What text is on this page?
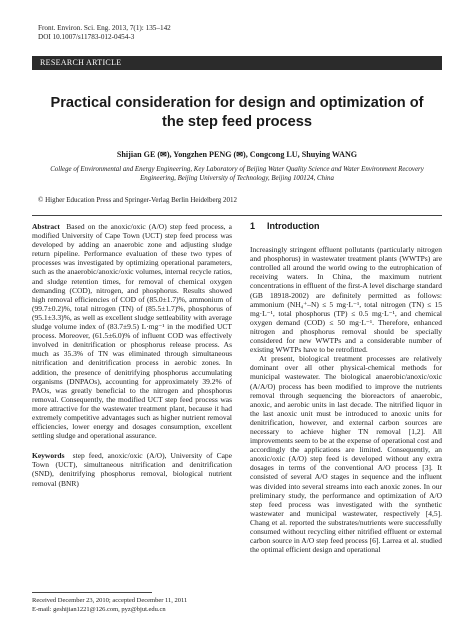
Front. Environ. Sci. Eng. 2013, 7(1): 135–142
DOI 10.1007/s11783-012-0454-3
RESEARCH ARTICLE
Practical consideration for design and optimization of the step feed process
Shijian GE (✉), Yongzhen PENG (✉), Congcong LU, Shuying WANG
College of Environmental and Energy Engineering, Key Laboratory of Beijing Water Quality Science and Water Environment Recovery Engineering, Beijing University of Technology, Beijing 100124, China
© Higher Education Press and Springer-Verlag Berlin Heidelberg 2012

Abstract Based on the anoxic/oxic (A/O) step feed process, a modified University of Cape Town (UCT) step feed process was developed by adding an anaerobic zone and adjusting sludge return pipeline. Performance evaluation of these two types of processes was investigated by optimizing operational parameters, such as the anaerobic/anoxic/oxic volumes, internal recycle ratios, and sludge retention times, for removal of chemical oxygen demanding (COD), nitrogen, and phosphorus. Results showed high removal efficiencies of COD of (85.0±1.7)%, ammonium of (99.7±0.2)%, total nitrogen (TN) of (85.5±1.7)%, phosphorus of (95.1±3.3)%, as well as excellent sludge settleability with average sludge volume index of (83.7±9.5) L·mg⁻¹ in the modified UCT process. Moreover, (61.5±6.0)% of influent COD was effectively involved in denitrification or phosphorus release process. As much as 35.3% of TN was eliminated through simultaneous nitrification and denitrification process in aerobic zones. In addition, the presence of denitrifying phosphorus accumulating organisms (DNPAOs), accounting for approximately 39.2% of PAOs, was greatly beneficial to the nitrogen and phosphorus removal. Consequently, the modified UCT step feed process was more attractive for the wastewater treatment plant, because it had extremely competitive advantages such as higher nutrient removal efficiencies, lower energy and dosages consumption, excellent settling sludge and operational assurance.

Keywords step feed, anoxic/oxic (A/O), University of Cape Town (UCT), simultaneous nitrification and denitrification (SND), denitrifying phosphorus removal, biological nutrient removal (BNR)

Received December 23, 2010; accepted December 11, 2011
E-mail: geshijian1221@126.com, pyz@bjut.edu.cn
1 Introduction

Increasingly stringent effluent pollutants (particularly nitrogen and phosphorus) in wastewater treatment plants (WWTPs) are controlled all around the world owing to the eutrophication of receiving waters. In China, the maximum nutrient concentrations in effluent of the first-A level discharge standard (GB 18918-2002) are definitely permitted as follows: ammonium (NH₄⁺–N) ≤ 5 mg·L⁻¹, total nitrogen (TN) ≤ 15 mg·L⁻¹, total phosphorus (TP) ≤ 0.5 mg·L⁻¹, and chemical oxygen demand (COD) ≤ 50 mg·L⁻¹. Therefore, enhanced nitrogen and phosphorus removal should be specially considered for new WWTPs and a considerable number of existing WWTPs have to be retrofitted.

At present, biological treatment processes are relatively dominant over all other physical-chemical methods for municipal wastewater. The biological anaerobic/anoxic/oxic (A/A/O) process has been modified to improve the nutrients removal through sequencing the bioreactors of anaerobic, anoxic, and aerobic units in last decade. The nitrified liquor in the last anoxic unit must be introduced to anoxic units for denitrification, however, and external carbon sources are necessary to achieve higher TN removal [1,2]. All improvements seem to be at the expense of operational cost and accordingly the applications are limited. Consequently, an anoxic/oxic (A/O) step feed is developed without any extra dosages in terms of the conventional A/O process [3]. It consisted of several A/O stages in sequence and the influent was divided into several streams into each anoxic zones. In our preliminary study, the performance and optimization of A/O step feed process was investigated with the synthetic wastewater and municipal wastewater, respectively [4,5]. Chang et al. reported the substrates/nutrients were successfully consumed without recycling either nitrified effluent or external carbon source in A/O step feed process [6]. Larrea et al. studied the optimal efficient design and operational
